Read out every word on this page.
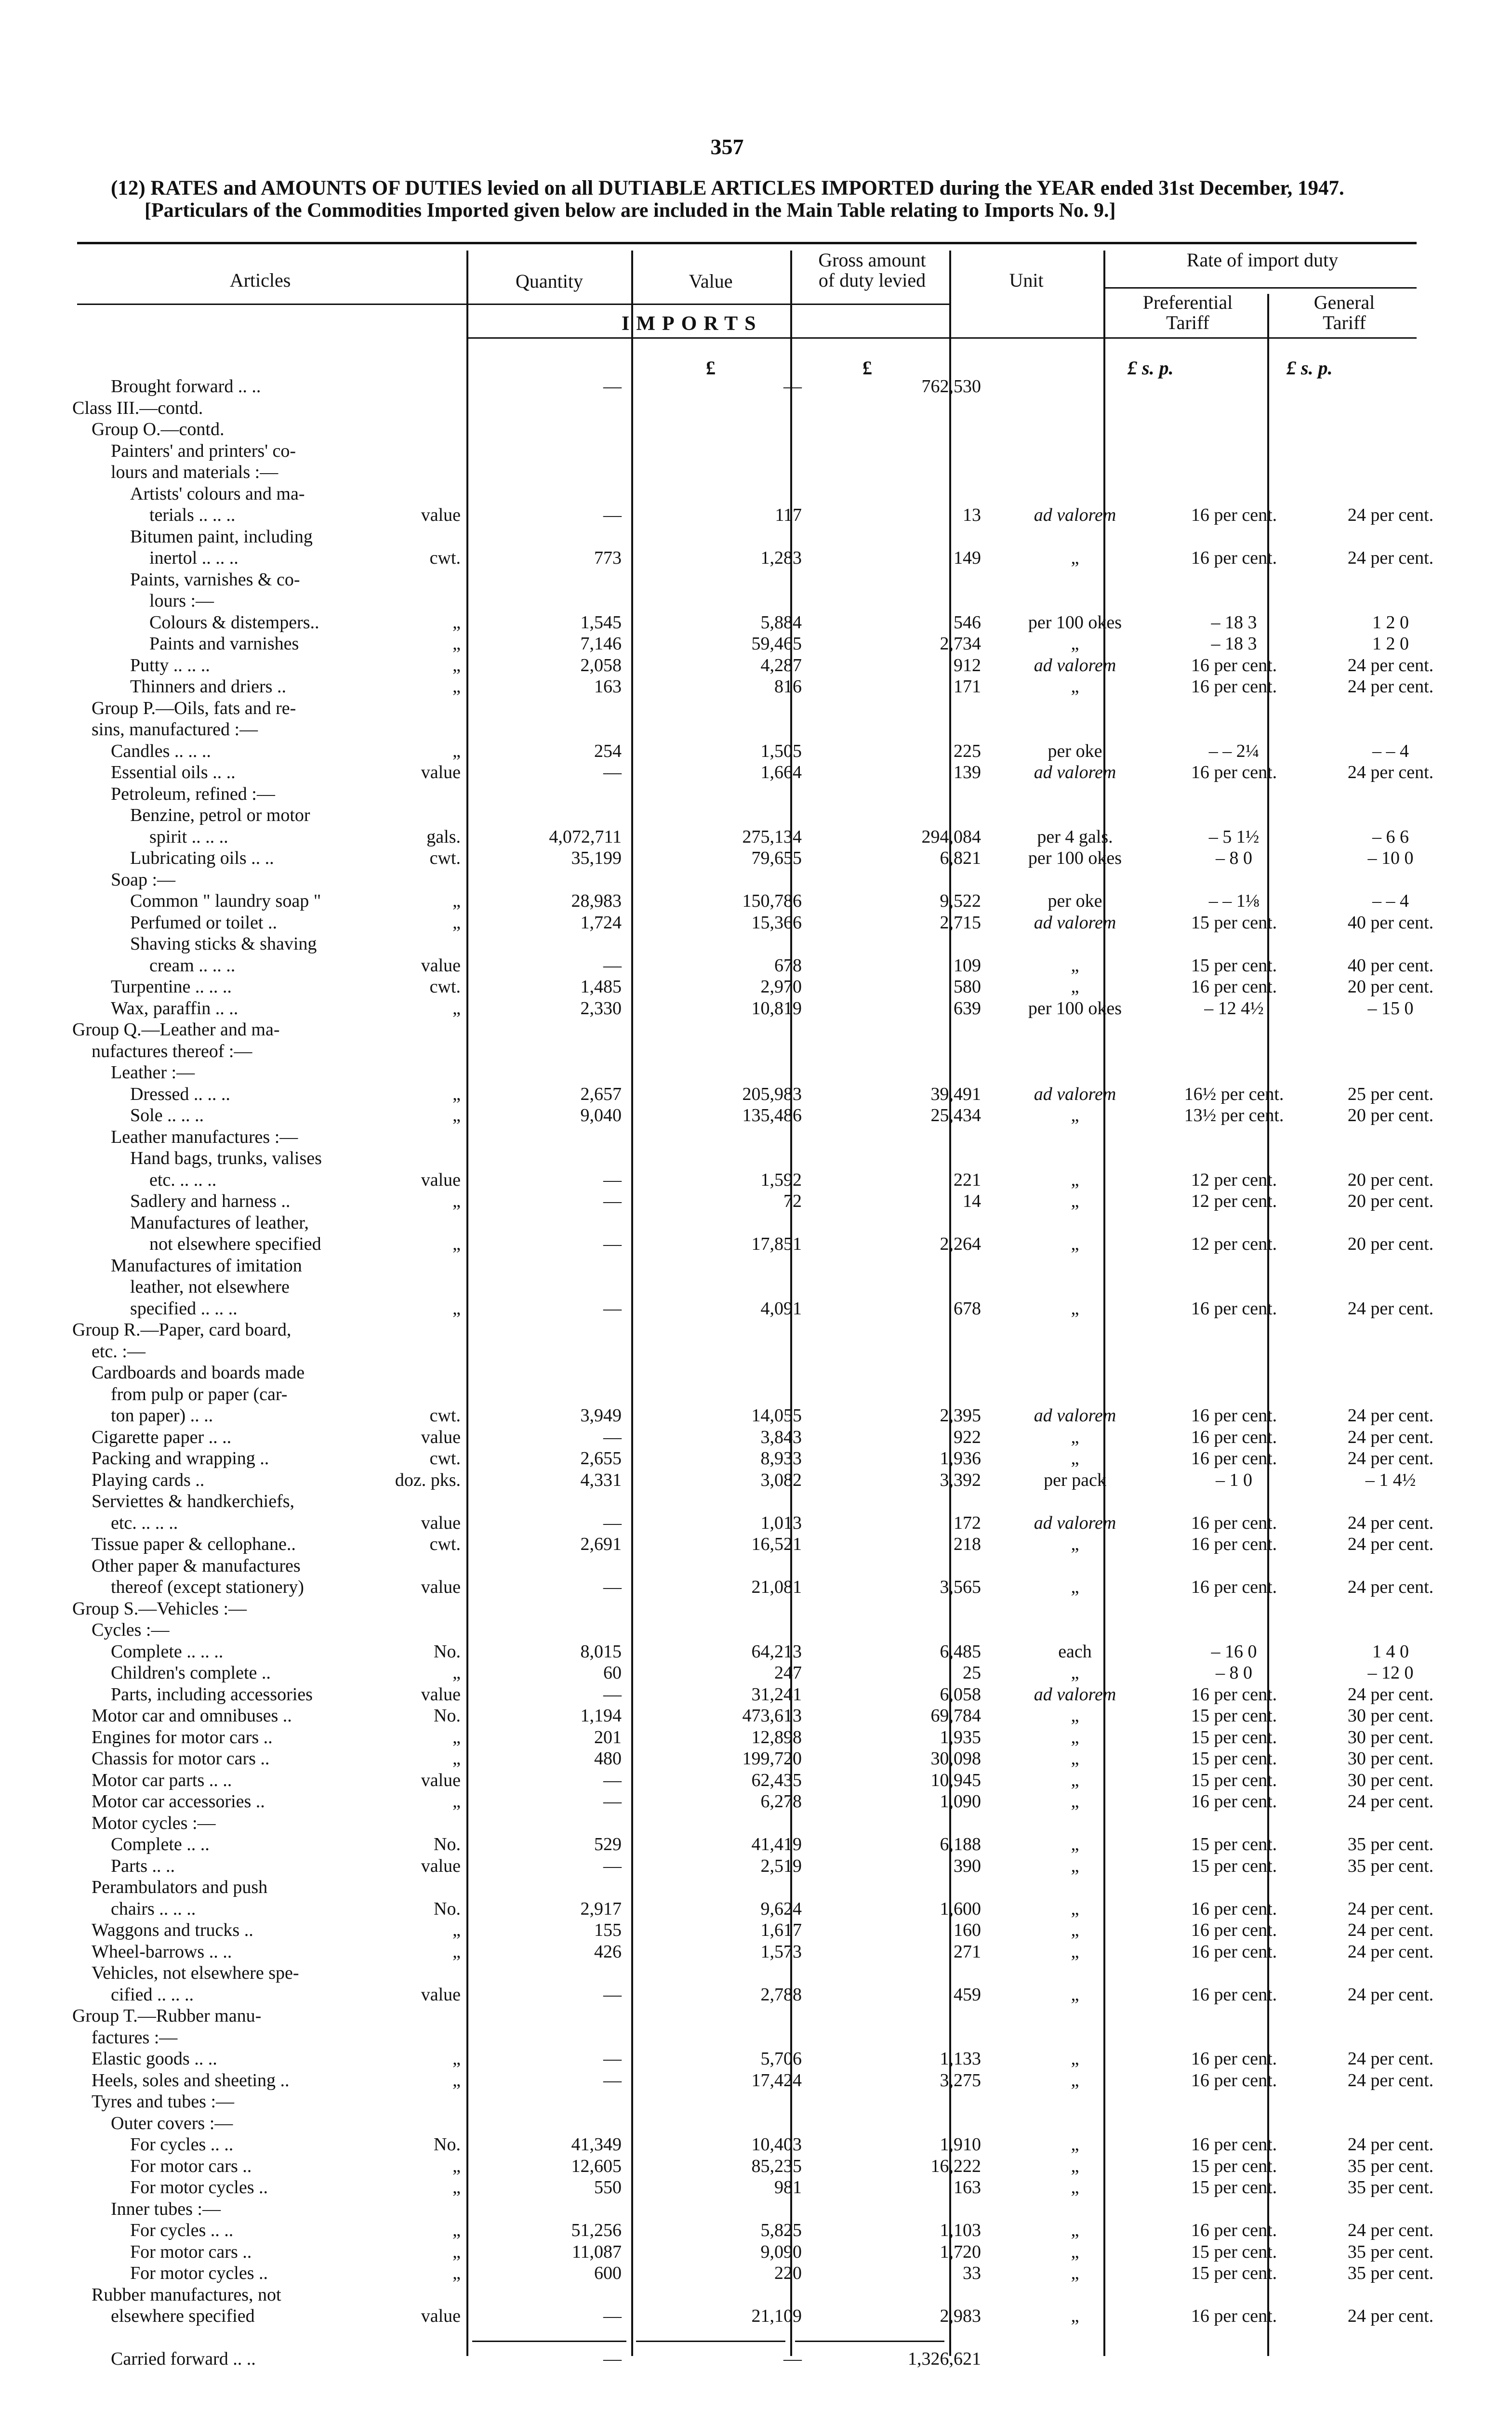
357
(12) RATES and AMOUNTS OF DUTIES levied on all DUTIABLE ARTICLES IMPORTED during the YEAR ended 31st December, 1947.
[Particulars of the Commodities Imported given below are included in the Main Table relating to Imports No. 9.]
Articles	Quantity	Value
Gross amount
of duty levied	Unit
Rate of import duty
Preferential
Tariff
General
Tariff
IMPORTS
£	£	£ s. p.	£ s. p.
Brought forward .. ..	—	—	762,530			

Class III.—contd.						

Group O.—contd.						

Painters' and printers' co-						

lours and materials :—						

Artists' colours and ma-						

terials .. .. .. value	—	117	13	ad valorem	16 per cent.	24 per cent.

Bitumen paint, including						

inertol .. .. .. cwt.	773	1,283	149	„	16 per cent.	24 per cent.

Paints, varnishes & co-						

lours :—						

Colours & distempers.. „	1,545	5,884	546	per 100 okes	– 18 3	1 2 0

Paints and varnishes „	7,146	59,465	2,734	„	– 18 3	1 2 0

Putty .. .. .. „	2,058	4,287	912	ad valorem	16 per cent.	24 per cent.

Thinners and driers .. „	163	816	171	„	16 per cent.	24 per cent.

Group P.—Oils, fats and re-						

sins, manufactured :—						

Candles .. .. .. „	254	1,505	225	per oke	– – 2¼	– – 4

Essential oils .. .. value	—	1,664	139	ad valorem	16 per cent.	24 per cent.

Petroleum, refined :—						

Benzine, petrol or motor						

spirit .. .. .. gals.	4,072,711	275,134	294,084	per 4 gals.	– 5 1½	– 6 6

Lubricating oils .. .. cwt.	35,199	79,655	6,821	per 100 okes	– 8 0	– 10 0

Soap :—						

Common " laundry soap " „	28,983	150,786	9,522	per oke	– – 1⅛	– – 4

Perfumed or toilet .. „	1,724	15,366	2,715	ad valorem	15 per cent.	40 per cent.

Shaving sticks & shaving						

cream .. .. .. value	—	678	109	„	15 per cent.	40 per cent.

Turpentine .. .. .. cwt.	1,485	2,970	580	„	16 per cent.	20 per cent.

Wax, paraffin .. .. „	2,330	10,819	639	per 100 okes	– 12 4½	– 15 0

Group Q.—Leather and ma-						

nufactures thereof :—						

Leather :—						

Dressed .. .. .. „	2,657	205,983	39,491	ad valorem	16½ per cent.	25 per cent.

Sole .. .. .. „	9,040	135,486	25,434	„	13½ per cent.	20 per cent.

Leather manufactures :—						

Hand bags, trunks, valises						

etc. .. .. .. value	—	1,592	221	„	12 per cent.	20 per cent.

Sadlery and harness .. „	—	72	14	„	12 per cent.	20 per cent.

Manufactures of leather,						

not elsewhere specified „	—	17,851	2,264	„	12 per cent.	20 per cent.

Manufactures of imitation						

leather, not elsewhere						

specified .. .. .. „	—	4,091	678	„	16 per cent.	24 per cent.

Group R.—Paper, card board,						

etc. :—						

Cardboards and boards made						

from pulp or paper (car-						

ton paper) .. .. cwt.	3,949	14,055	2,395	ad valorem	16 per cent.	24 per cent.

Cigarette paper .. .. value	—	3,843	922	„	16 per cent.	24 per cent.

Packing and wrapping .. cwt.	2,655	8,933	1,936	„	16 per cent.	24 per cent.

Playing cards .. doz. pks.	4,331	3,082	3,392	per pack	– 1 0	– 1 4½

Serviettes & handkerchiefs,						

etc. .. .. .. value	—	1,013	172	ad valorem	16 per cent.	24 per cent.

Tissue paper & cellophane.. cwt.	2,691	16,521	218	„	16 per cent.	24 per cent.

Other paper & manufactures						

thereof (except stationery) value	—	21,081	3,565	„	16 per cent.	24 per cent.

Group S.—Vehicles :—						

Cycles :—						

Complete .. .. .. No.	8,015	64,213	6,485	each	– 16 0	1 4 0

Children's complete .. „	60	247	25	„	– 8 0	– 12 0

Parts, including accessories value	—	31,241	6,058	ad valorem	16 per cent.	24 per cent.

Motor car and omnibuses .. No.	1,194	473,613	69,784	„	15 per cent.	30 per cent.

Engines for motor cars .. „	201	12,898	1,935	„	15 per cent.	30 per cent.

Chassis for motor cars .. „	480	199,720	30,098	„	15 per cent.	30 per cent.

Motor car parts .. .. value	—	62,435	10,945	„	15 per cent.	30 per cent.

Motor car accessories .. „	—	6,278	1,090	„	16 per cent.	24 per cent.

Motor cycles :—						

Complete .. .. No.	529	41,419	6,188	„	15 per cent.	35 per cent.

Parts .. .. value	—	2,519	390	„	15 per cent.	35 per cent.

Perambulators and push						

chairs .. .. .. No.	2,917	9,624	1,600	„	16 per cent.	24 per cent.

Waggons and trucks .. „	155	1,617	160	„	16 per cent.	24 per cent.

Wheel-barrows .. .. „	426	1,573	271	„	16 per cent.	24 per cent.

Vehicles, not elsewhere spe-						

cified .. .. .. value	—	2,788	459	„	16 per cent.	24 per cent.

Group T.—Rubber manu-						

factures :—						

Elastic goods .. .. „	—	5,706	1,133	„	16 per cent.	24 per cent.

Heels, soles and sheeting .. „	—	17,424	3,275	„	16 per cent.	24 per cent.

Tyres and tubes :—						

Outer covers :—						

For cycles .. .. No.	41,349	10,403	1,910	„	16 per cent.	24 per cent.

For motor cars .. „	12,605	85,235	16,222	„	15 per cent.	35 per cent.

For motor cycles .. „	550	981	163	„	15 per cent.	35 per cent.

Inner tubes :—						

For cycles .. .. „	51,256	5,825	1,103	„	16 per cent.	24 per cent.

For motor cars .. „	11,087	9,090	1,720	„	15 per cent.	35 per cent.

For motor cycles .. „	600	220	33	„	15 per cent.	35 per cent.

Rubber manufactures, not						

elsewhere specified value	—	21,109	2,983	„	16 per cent.	24 per cent.

Carried forward .. ..	—	—	1,326,621			
